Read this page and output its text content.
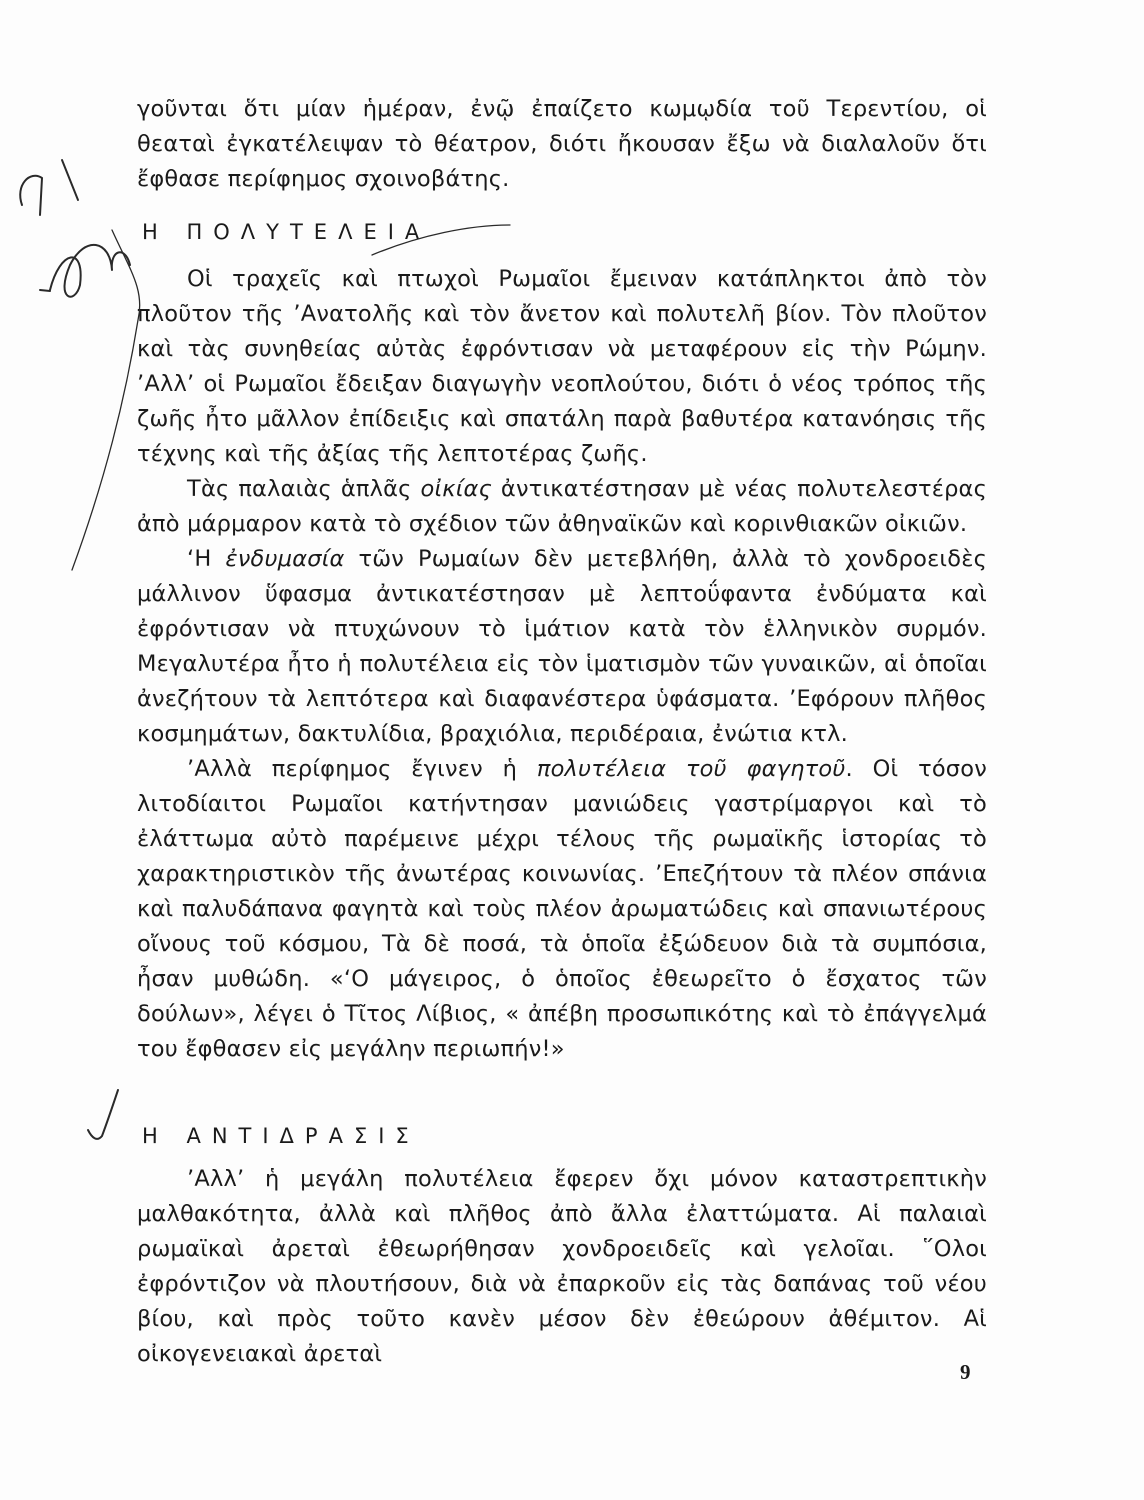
γοῦνται ὅτι μίαν ἡμέραν, ἐνῷ ἐπαίζετο κωμῳδία τοῦ Τερεντίου, οἱ θεαταὶ ἐγκατέλειψαν τὸ θέατρον, διότι ἤκουσαν ἔξω νὰ διαλαλοῦν ὅτι ἔφθασε περίφημος σχοινοβάτης.

Η ΠΟΛΥΤΕΛΕΙΑ

Οἱ τραχεῖς καὶ πτωχοὶ Ρωμαῖοι ἔμειναν κατάπληκτοι ἀπὸ τὸν πλοῦτον τῆς ’Ανατολῆς καὶ τὸν ἄνετον καὶ πολυτελῆ βίον. Τὸν πλοῦτον καὶ τὰς συνηθείας αὐτὰς ἐφρόντισαν νὰ μεταφέρουν εἰς τὴν Ρώμην. ’Αλλ’ οἱ Ρωμαῖοι ἔδειξαν διαγωγὴν νεοπλούτου, διότι ὁ νέος τρόπος τῆς ζωῆς ἦτο μᾶλλον ἐπίδειξις καὶ σπατάλη παρὰ βαθυτέρα κατανόησις τῆς τέχνης καὶ τῆς ἀξίας τῆς λεπτοτέρας ζωῆς.

Τὰς παλαιὰς ἁπλᾶς οἰκίας ἀντικατέστησαν μὲ νέας πολυτελεστέρας ἀπὸ μάρμαρον κατὰ τὸ σχέδιον τῶν ἀθηναϊκῶν καὶ κορινθιακῶν οἰκιῶν.

‘Η ἐνδυμασία τῶν Ρωμαίων δὲν μετεβλήθη, ἀλλὰ τὸ χονδροειδὲς μάλλινον ὕφασμα ἀντικατέστησαν μὲ λεπτοΰφαντα ἐνδύματα καὶ ἐφρόντισαν νὰ πτυχώνουν τὸ ἱμάτιον κατὰ τὸν ἑλληνικὸν συρμόν. Μεγαλυτέρα ἦτο ἡ πολυτέλεια εἰς τὸν ἱματισμὸν τῶν γυναικῶν, αἱ ὁποῖαι ἀνεζήτουν τὰ λεπτότερα καὶ διαφανέστερα ὑφάσματα. ’Εφόρουν πλῆθος κοσμημάτων, δακτυλίδια, βραχιόλια, περιδέραια, ἐνώτια κτλ.

’Αλλὰ περίφημος ἔγινεν ἡ πολυτέλεια τοῦ φαγητοῦ. Οἱ τόσον λιτοδίαιτοι Ρωμαῖοι κατήντησαν μανιώδεις γαστρίμαργοι καὶ τὸ ἐλάττωμα αὐτὸ παρέμεινε μέχρι τέλους τῆς ρωμαϊκῆς ἱστορίας τὸ χαρακτηριστικὸν τῆς ἀνωτέρας κοινωνίας. ’Επεζήτουν τὰ πλέον σπάνια καὶ παλυδάπανα φαγητὰ καὶ τοὺς πλέον ἀρωματώδεις καὶ σπανιωτέρους οἴνους τοῦ κόσμου, Τὰ δὲ ποσά, τὰ ὁποῖα ἐξώδευον διὰ τὰ συμπόσια, ἦσαν μυθώδη. «‘Ο μάγειρος, ὁ ὁποῖος ἐθεωρεῖτο ὁ ἔσχατος τῶν δούλων», λέγει ὁ Τῖτος Λίβιος, « ἀπέβη προσωπικότης καὶ τὸ ἐπάγγελμά του ἔφθασεν εἰς μεγάλην περιωπήν!»

Η ΑΝΤΙΔΡΑΣΙΣ

’Αλλ’ ἡ μεγάλη πολυτέλεια ἔφερεν ὄχι μόνον καταστρεπτικὴν μαλθακότητα, ἀλλὰ καὶ πλῆθος ἀπὸ ἄλλα ἐλαττώματα. Αἱ παλαιαὶ ρωμαϊκαὶ ἀρεταὶ ἐθεωρήθησαν χονδροειδεῖς καὶ γελοῖαι. ῞Ολοι ἐφρόντιζον νὰ πλουτήσουν, διὰ νὰ ἐπαρκοῦν εἰς τὰς δαπάνας τοῦ νέου βίου, καὶ πρὸς τοῦτο κανὲν μέσον δὲν ἐθεώρουν ἀθέμιτον. Αἱ οἰκογενειακαὶ ἀρεταὶ

9
